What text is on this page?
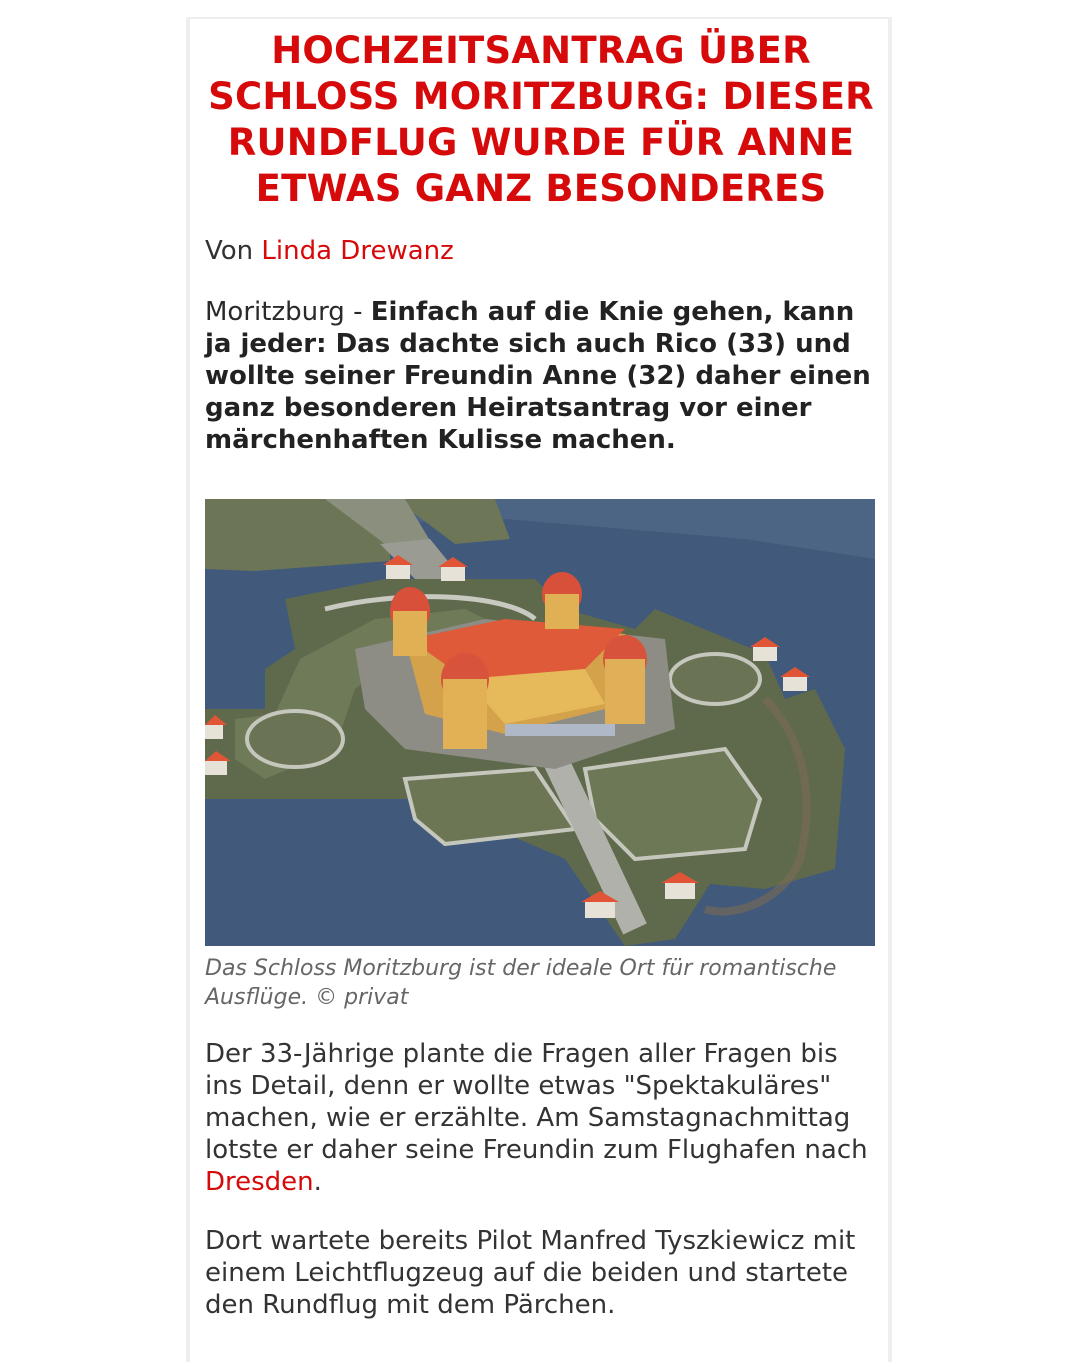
HOCHZEITSANTRAG ÜBER SCHLOSS MORITZBURG: DIESER RUNDFLUG WURDE FÜR ANNE ETWAS GANZ BESONDERES
Von Linda Drewanz
Moritzburg - Einfach auf die Knie gehen, kann ja jeder: Das dachte sich auch Rico (33) und wollte seiner Freundin Anne (32) daher einen ganz besonderen Heiratsantrag vor einer märchenhaften Kulisse machen.
Das Schloss Moritzburg ist der ideale Ort für romantische Ausflüge. © privat

Der 33-Jährige plante die Fragen aller Fragen bis ins Detail, denn er wollte etwas "Spektakuläres" machen, wie er erzählte. Am Samstagnachmittag lotste er daher seine Freundin zum Flughafen nach Dresden.

Dort wartete bereits Pilot Manfred Tyszkiewicz mit einem Leichtflugzeug auf die beiden und startete den Rundflug mit dem Pärchen.
